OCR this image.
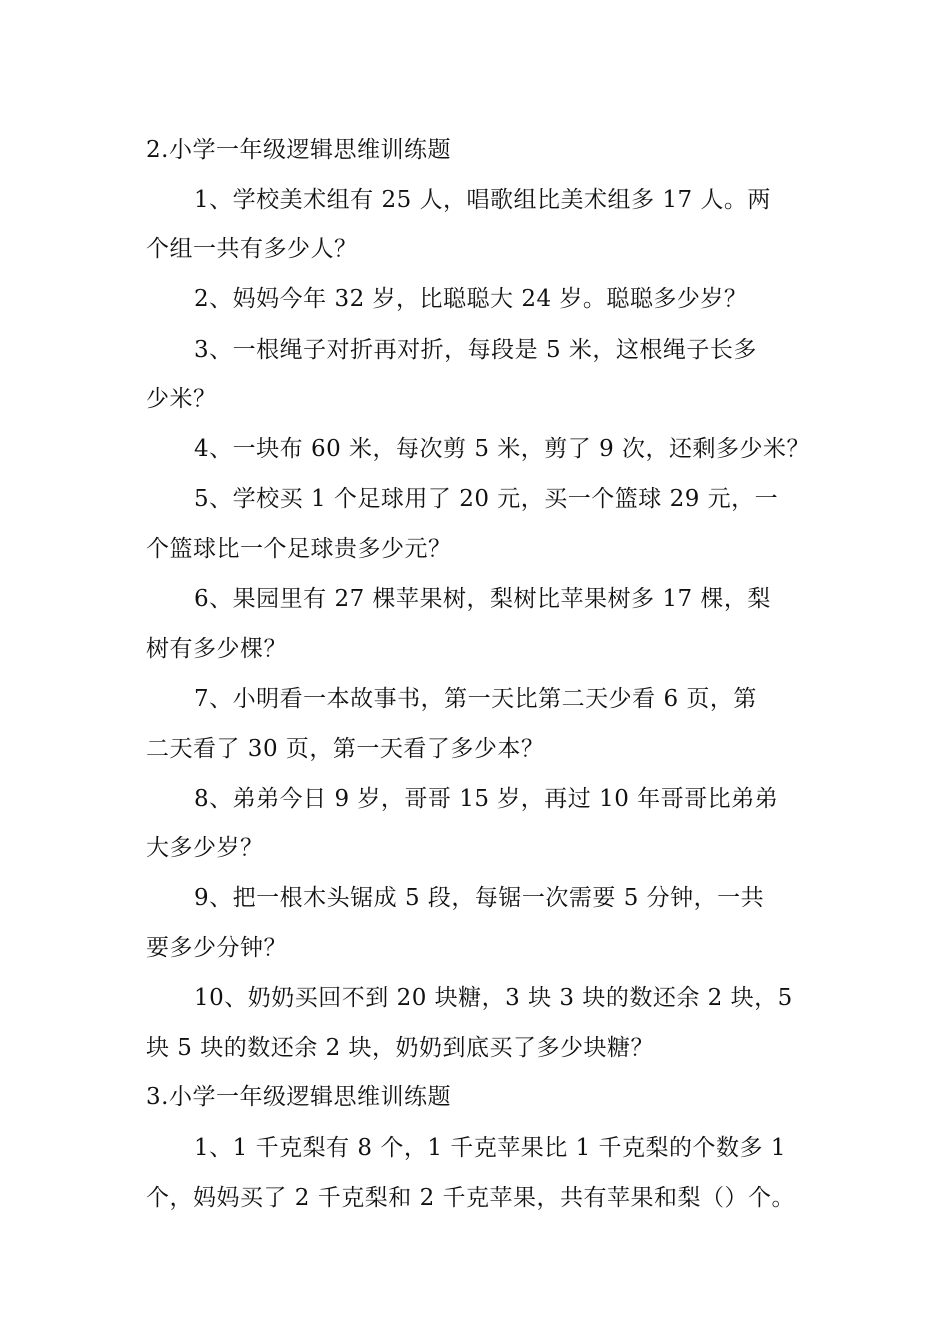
2.小学一年级逻辑思维训练题
1、学校美术组有 25 人，唱歌组比美术组多 17 人。两
个组一共有多少人？
2、妈妈今年 32 岁，比聪聪大 24 岁。聪聪多少岁？
3、一根绳子对折再对折，每段是 5 米，这根绳子长多
少米？
4、一块布 60 米，每次剪 5 米，剪了 9 次，还剩多少米？
5、学校买 1 个足球用了 20 元，买一个篮球 29 元，一
个篮球比一个足球贵多少元？
6、果园里有 27 棵苹果树，梨树比苹果树多 17 棵，梨
树有多少棵？
7、小明看一本故事书，第一天比第二天少看 6 页，第
二天看了 30 页，第一天看了多少本？
8、弟弟今日 9 岁，哥哥 15 岁，再过 10 年哥哥比弟弟
大多少岁？
9、把一根木头锯成 5 段，每锯一次需要 5 分钟，一共
要多少分钟？
10、奶奶买回不到 20 块糖，3 块 3 块的数还余 2 块，5
块 5 块的数还余 2 块，奶奶到底买了多少块糖？
3.小学一年级逻辑思维训练题
1、1 千克梨有 8 个，1 千克苹果比 1 千克梨的个数多 1
个，妈妈买了 2 千克梨和 2 千克苹果，共有苹果和梨（）个。
